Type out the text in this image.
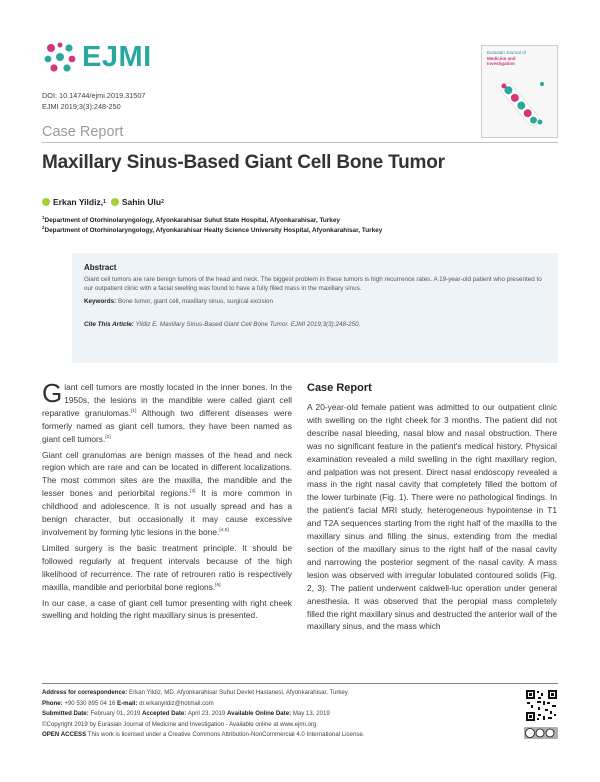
EJMI
DOI: 10.14744/ejmi.2019.31507
EJMI 2019;3(3):248-250
Eurasian Journal of
Medicine and
Investigation
Case Report
Maxillary Sinus-Based Giant Cell Bone Tumor
Erkan Yildiz, 1 Sahin Ulu 2
$^1$Department of Otorhinolaryngology, Afyonkarahisar Suhut State Hospital, Afyonkarahisar, Turkey
$^2$Department of Otorhinolaryngology, Afyonkarahisar Healty Science University Hospital, Afyonkarahisar, Turkey
Abstract
Giant cell tumors are rare benign tumors of the head and neck. The biggest problem in these tumors is high recurrence rates. A 19-year-old patient who presented to our outpatient clinic with a facial swelling was found to have a fully filled mass in the maxillary sinus.
Keywords: Bone tumor, giant cell, maxillary sinus, surgical excision
Cite This Article: Yildiz E. Maxillary Sinus-Based Giant Cell Bone Tumor. EJMI 2019;3(3):248-250.

Giant cell tumors are mostly located in the inner bones. In the 1950s, the lesions in the mandible were called giant cell reparative granulomas.[1] Although two different diseases were formerly named as giant cell tumors, they have been named as giant cell tumors.[2]

Giant cell granulomas are benign masses of the head and neck region which are rare and can be located in different localizations. The most common sites are the maxilla, the mandible and the lesser bones and periorbital regions.[3] It is more common in childhood and adolescence. It is not usually spread and has a benign character, but occasionally it may cause excessive involvement by forming lytic lesions in the bone.[4,5]

Limited surgery is the basic treatment principle. It should be followed regularly at frequent intervals because of the high likelihood of recurrence. The rate of retrouren ratio is respectively maxilla, mandible and periorbital bone regions.[6]

In our case, a case of giant cell tumor presenting with right cheek swelling and holding the right maxillary sinus is presented.

Case Report

A 20-year-old female patient was admitted to our outpatient clinic with swelling on the right cheek for 3 months. The patient did not describe nasal bleeding, nasal blow and nasal obstruction. There was no significant feature in the patient's medical history. Physical examination revealed a mild swelling in the right maxillary region, and palpation was not present. Direct nasal endoscopy revealed a mass in the right nasal cavity that completely filled the bottom of the lower turbinate (Fig. 1). There were no pathological findings. In the patient's facial MRI study, heterogeneous hypointense in T1 and T2A sequences starting from the right half of the maxilla to the maxillary sinus and filling the sinus, extending from the medial section of the maxillary sinus to the right half of the nasal cavity and narrowing the posterior segment of the nasal cavity. A mass lesion was observed with irregular lobulated contoured solids (Fig. 2, 3). The patient underwent caldwell-luc operation under general anesthesia. It was observed that the peropial mass completely filled the right maxillary sinus and destructed the anterior wall of the maxillary sinus, and the mass which

Address for correspondence: Erkan Yildiz, MD. Afyonkarahisar Suhut Devlet Hastanesi, Afyonkarahisar, Turkey
Phone: +90 530 895 04 16 E-mail: dr.erkanyildiz@hotmail.com
Submitted Date: February 01, 2019 Accepted Date: April 23, 2019 Available Online Date: May 13, 2019
©Copyright 2019 by Eurasian Journal of Medicine and Investigation - Available online at www.ejmi.org
OPEN ACCESS This work is licensed under a Creative Commons Attribution-NonCommercial 4.0 International License.
